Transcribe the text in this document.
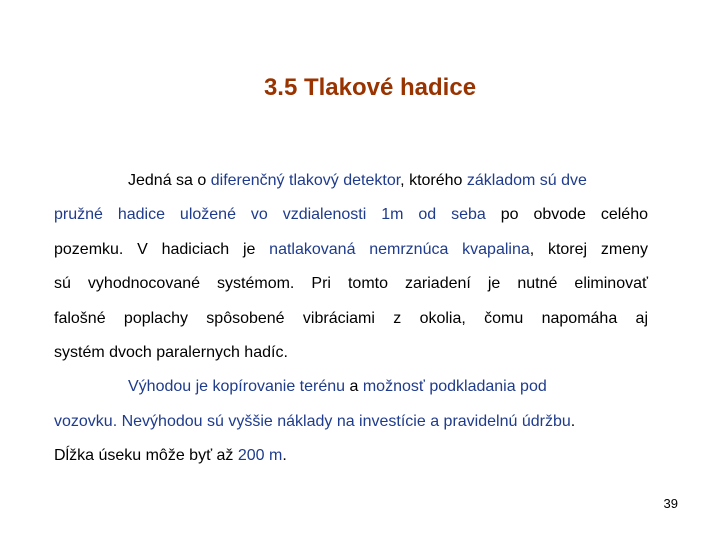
3.5 Tlakové hadice
Jedná sa o diferenčný tlakový detektor, ktorého základom sú dve
pružné hadice uložené vo vzdialenosti 1m od seba po obvode celého
pozemku. V hadiciach je natlakovaná nemrznúca kvapalina, ktorej zmeny
sú vyhodnocované systémom. Pri tomto zariadení je nutné eliminovať
falošné poplachy spôsobené vibráciami z okolia, čomu napomáha aj
systém dvoch paralernych hadíc.
Výhodou je kopírovanie terénu a možnosť podkladania pod
vozovku. Nevýhodou sú vyššie náklady na investície a pravidelnú údržbu.
Dĺžka úseku môže byť až 200 m.
39
